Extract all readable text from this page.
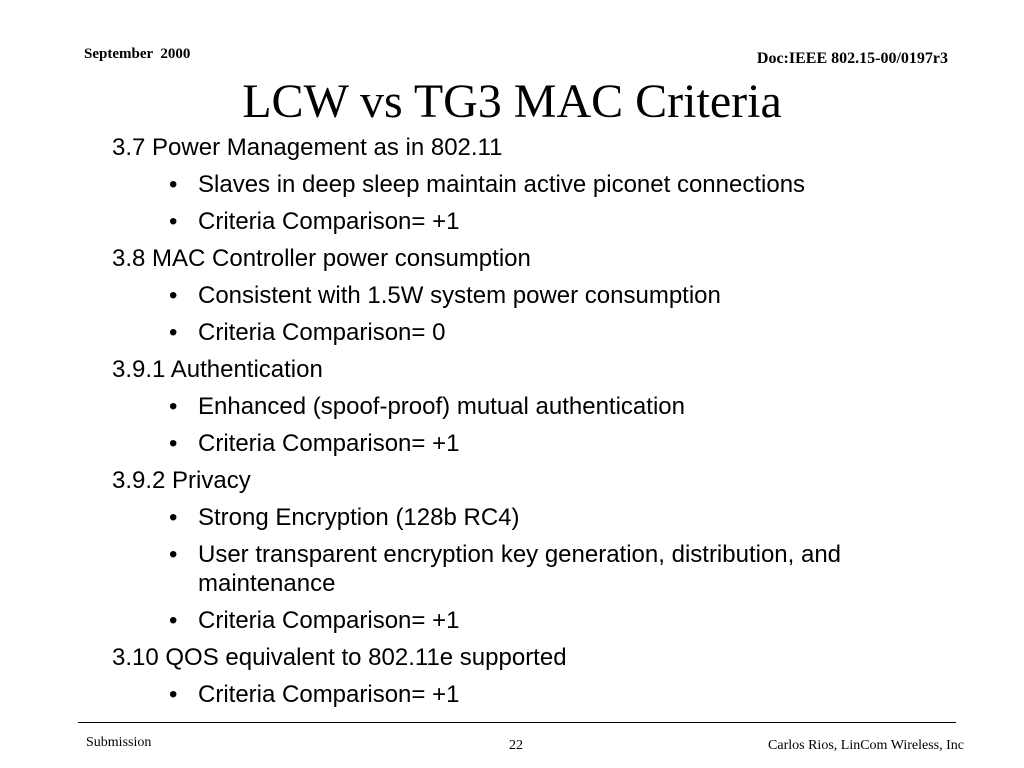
September  2000	Doc:IEEE 802.15-00/0197r3
LCW vs TG3 MAC Criteria
3.7 Power Management as in 802.11
• Slaves in deep sleep maintain active piconet connections
• Criteria Comparison= +1
3.8 MAC Controller power consumption
• Consistent with 1.5W system power consumption
• Criteria Comparison= 0
3.9.1 Authentication
• Enhanced (spoof-proof) mutual authentication
• Criteria Comparison= +1
3.9.2 Privacy
• Strong Encryption (128b RC4)
• User transparent encryption key generation, distribution, and maintenance
• Criteria Comparison= +1
3.10 QOS equivalent to 802.11e supported
• Criteria Comparison= +1
Submission	22	Carlos Rios, LinCom Wireless, Inc
